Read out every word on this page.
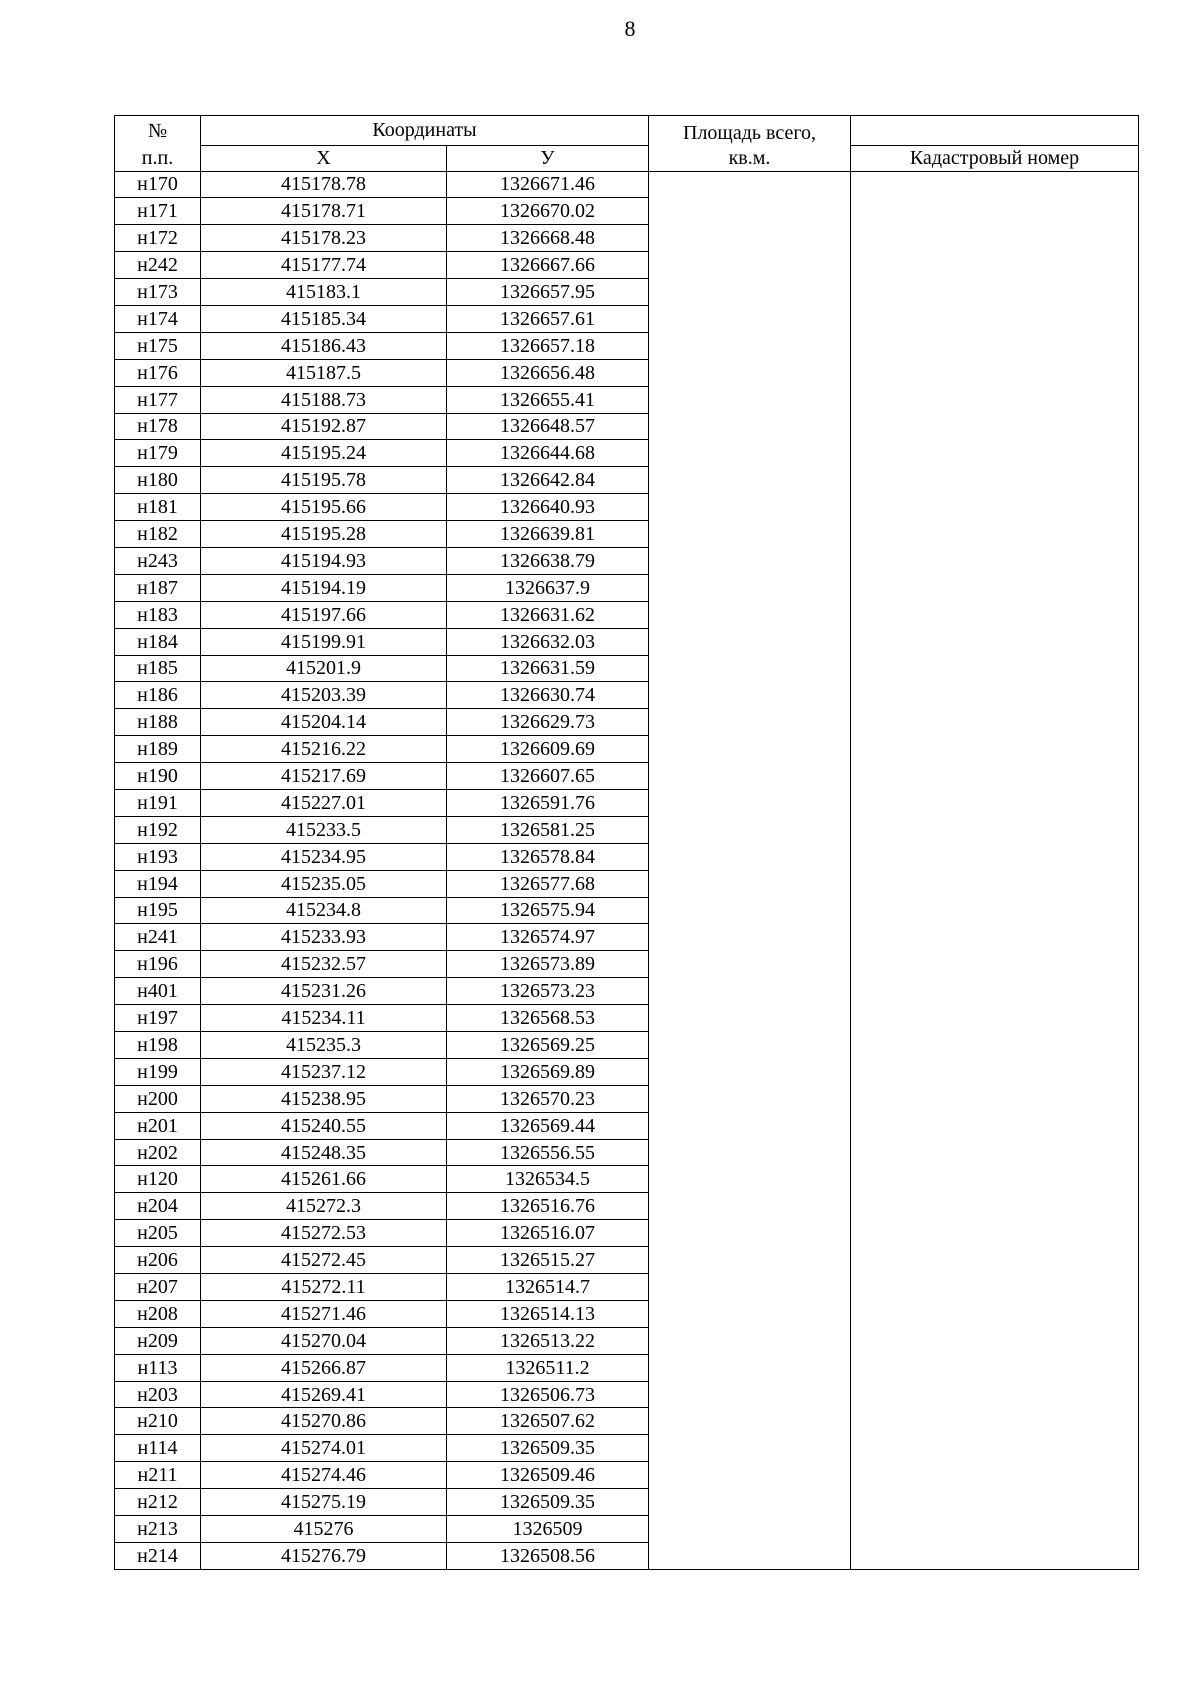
8
№	Координаты		Площадь всего,	
п.п.	Х	У	кв.м.	Кадастровый номер
н170	415178.78	1326671.46		
н171	415178.71	1326670.02		
н172	415178.23	1326668.48		
н242	415177.74	1326667.66		
н173	415183.1	1326657.95		
н174	415185.34	1326657.61		
н175	415186.43	1326657.18		
н176	415187.5	1326656.48		
н177	415188.73	1326655.41		
н178	415192.87	1326648.57		
н179	415195.24	1326644.68		
н180	415195.78	1326642.84		
н181	415195.66	1326640.93		
н182	415195.28	1326639.81		
н243	415194.93	1326638.79		
н187	415194.19	1326637.9		
н183	415197.66	1326631.62		
н184	415199.91	1326632.03		
н185	415201.9	1326631.59		
н186	415203.39	1326630.74		
н188	415204.14	1326629.73		
н189	415216.22	1326609.69		
н190	415217.69	1326607.65		
н191	415227.01	1326591.76		
н192	415233.5	1326581.25		
н193	415234.95	1326578.84		
н194	415235.05	1326577.68		
н195	415234.8	1326575.94		
н241	415233.93	1326574.97		
н196	415232.57	1326573.89		
н401	415231.26	1326573.23		
н197	415234.11	1326568.53		
н198	415235.3	1326569.25		
н199	415237.12	1326569.89		
н200	415238.95	1326570.23		
н201	415240.55	1326569.44		
н202	415248.35	1326556.55		
н120	415261.66	1326534.5		
н204	415272.3	1326516.76		
н205	415272.53	1326516.07		
н206	415272.45	1326515.27		
н207	415272.11	1326514.7		
н208	415271.46	1326514.13		
н209	415270.04	1326513.22		
н113	415266.87	1326511.2		
н203	415269.41	1326506.73		
н210	415270.86	1326507.62		
н114	415274.01	1326509.35		
н211	415274.46	1326509.46		
н212	415275.19	1326509.35		
н213	415276	1326509		
н214	415276.79	1326508.56		
